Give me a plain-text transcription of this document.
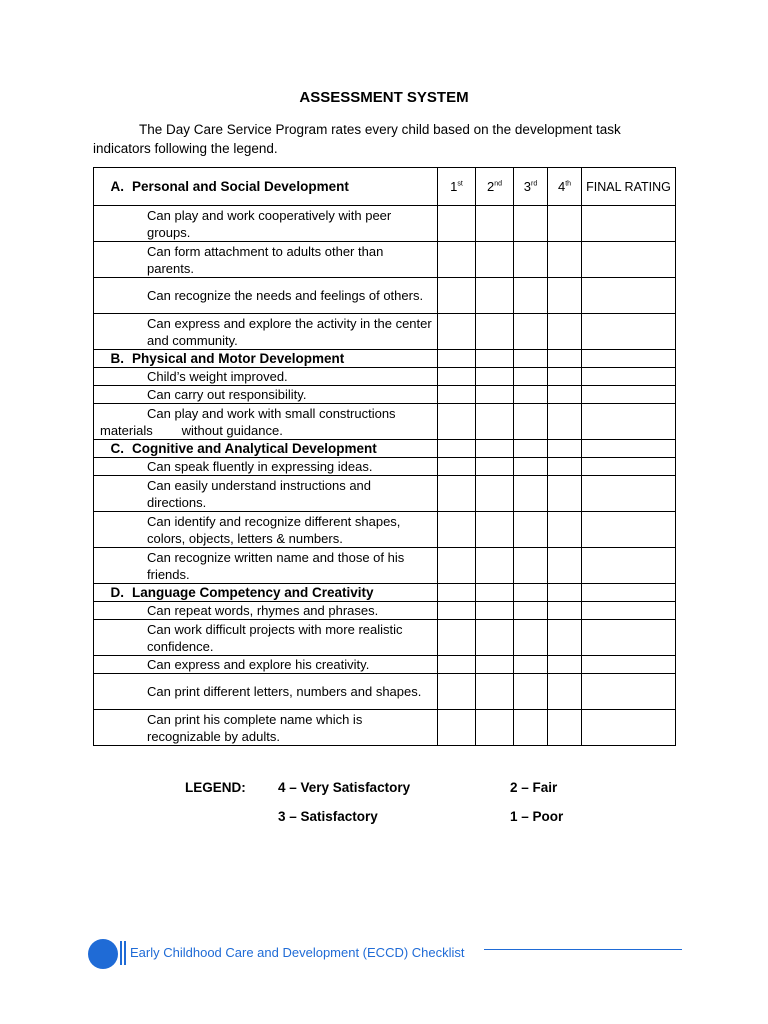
ASSESSMENT SYSTEM
The Day Care Service Program rates every child based on the development task indicators following the legend.
A. Personal and Social Development	1st	2nd	3rd	4th	FINAL RATING

Can play and work cooperatively with peer groups.					

Can form attachment to adults other than parents.					

Can recognize the needs and feelings of others.					

Can express and explore the activity in the center and community.					

B. Physical and Motor Development					

Child’s weight improved.					

Can carry out responsibility.					

Can play and work with small constructions
materials        without guidance.					

C. Cognitive and Analytical Development					

Can speak fluently in expressing ideas.					

Can easily understand instructions and directions.					

Can identify and recognize different shapes, colors, objects, letters & numbers.					

Can recognize written name and those of his friends.					

D. Language Competency and Creativity					

Can repeat words, rhymes and phrases.					

Can work difficult projects with more realistic confidence.					

Can express and explore his creativity.					

Can print different letters, numbers and shapes.					

Can print his complete name which is recognizable by adults.					

LEGEND: 4 – Very Satisfactory	2 – Fair
3 – Satisfactory	1 – Poor
Early Childhood Care and Development (ECCD) Checklist
